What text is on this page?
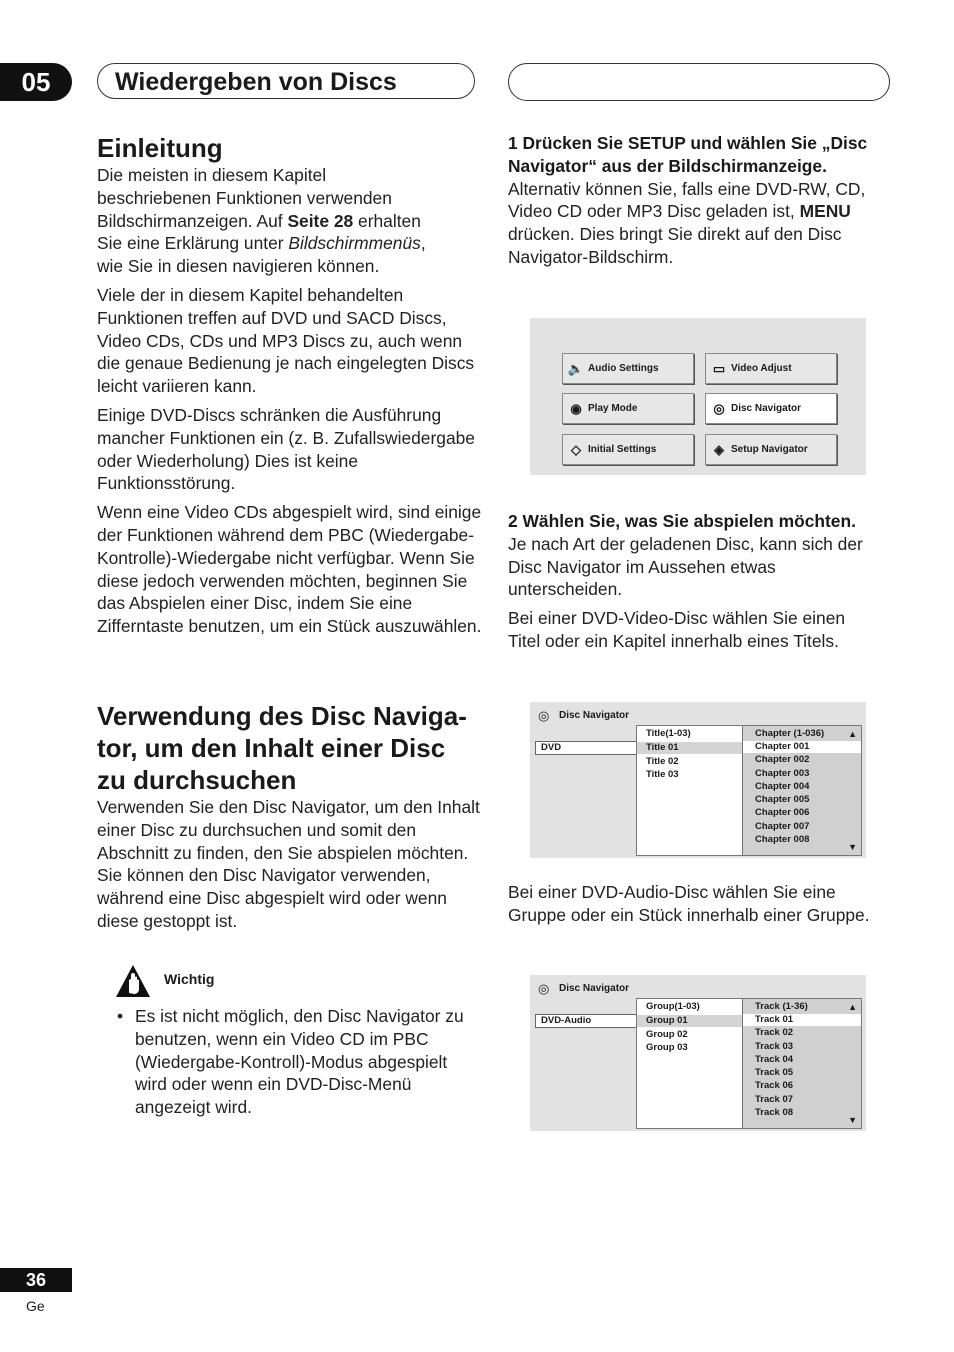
05	Wiedergeben von Discs
Einleitung

Die meisten in diesem Kapitel
beschriebenen Funktionen verwenden
Bildschirmanzeigen. Auf Seite 28 erhalten
Sie eine Erklärung unter Bildschirmmenüs,
wie Sie in diesen navigieren können.

Viele der in diesem Kapitel behandelten Funktionen treffen auf DVD und SACD Discs, Video CDs, CDs und MP3 Discs zu, auch wenn die genaue Bedienung je nach eingelegten Discs leicht variieren kann.

Einige DVD-Discs schränken die Ausführung mancher Funktionen ein (z. B. Zufallswiedergabe oder Wiederholung) Dies ist keine Funktionsstörung.

Wenn eine Video CDs abgespielt wird, sind einige der Funktionen während dem PBC (Wiedergabe-Kontrolle)-Wiedergabe nicht verfügbar. Wenn Sie diese jedoch verwenden möchten, beginnen Sie das Abspielen einer Disc, indem Sie eine Zifferntaste benutzen, um ein Stück auszuwählen.

Verwendung des Disc Naviga-
tor, um den Inhalt einer Disc
zu durchsuchen

Verwenden Sie den Disc Navigator, um den Inhalt einer Disc zu durchsuchen und somit den Abschnitt zu finden, den Sie abspielen möchten. Sie können den Disc Navigator verwenden, während eine Disc abgespielt wird oder wenn diese gestoppt ist.

Wichtig
• Es ist nicht möglich, den Disc Navigator zu benutzen, wenn ein Video CD im PBC (Wiedergabe-Kontroll)-Modus abgespielt wird oder wenn ein DVD-Disc-Menü angezeigt wird.

1 Drücken Sie SETUP und wählen Sie „Disc Navigator“ aus der Bildschirmanzeige.

Alternativ können Sie, falls eine DVD-RW, CD, Video CD oder MP3 Disc geladen ist, MENU drücken. Dies bringt Sie direkt auf den Disc Navigator-Bildschirm.

🔈 Audio Settings	▭ Video Adjust
◉ Play Mode	◎ Disc Navigator
◇ Initial Settings	◈ Setup Navigator

2 Wählen Sie, was Sie abspielen möchten.

Je nach Art der geladenen Disc, kann sich der Disc Navigator im Aussehen etwas unterscheiden.

Bei einer DVD-Video-Disc wählen Sie einen Titel oder ein Kapitel innerhalb eines Titels.

◎ Disc Navigator
DVD
Title(1-03)
Title 01
Title 02
Title 03
Chapter (1-036)	▲
Chapter 001
Chapter 002
Chapter 003
Chapter 004
Chapter 005
Chapter 006
Chapter 007
Chapter 008
▼
Bei einer DVD-Audio-Disc wählen Sie eine Gruppe oder ein Stück innerhalb einer Gruppe.
◎ Disc Navigator
DVD-Audio
Group(1-03)
Group 01
Group 02
Group 03
Track (1-36)	▲
Track 01
Track 02
Track 03
Track 04
Track 05
Track 06
Track 07
Track 08
▼
36
Ge
